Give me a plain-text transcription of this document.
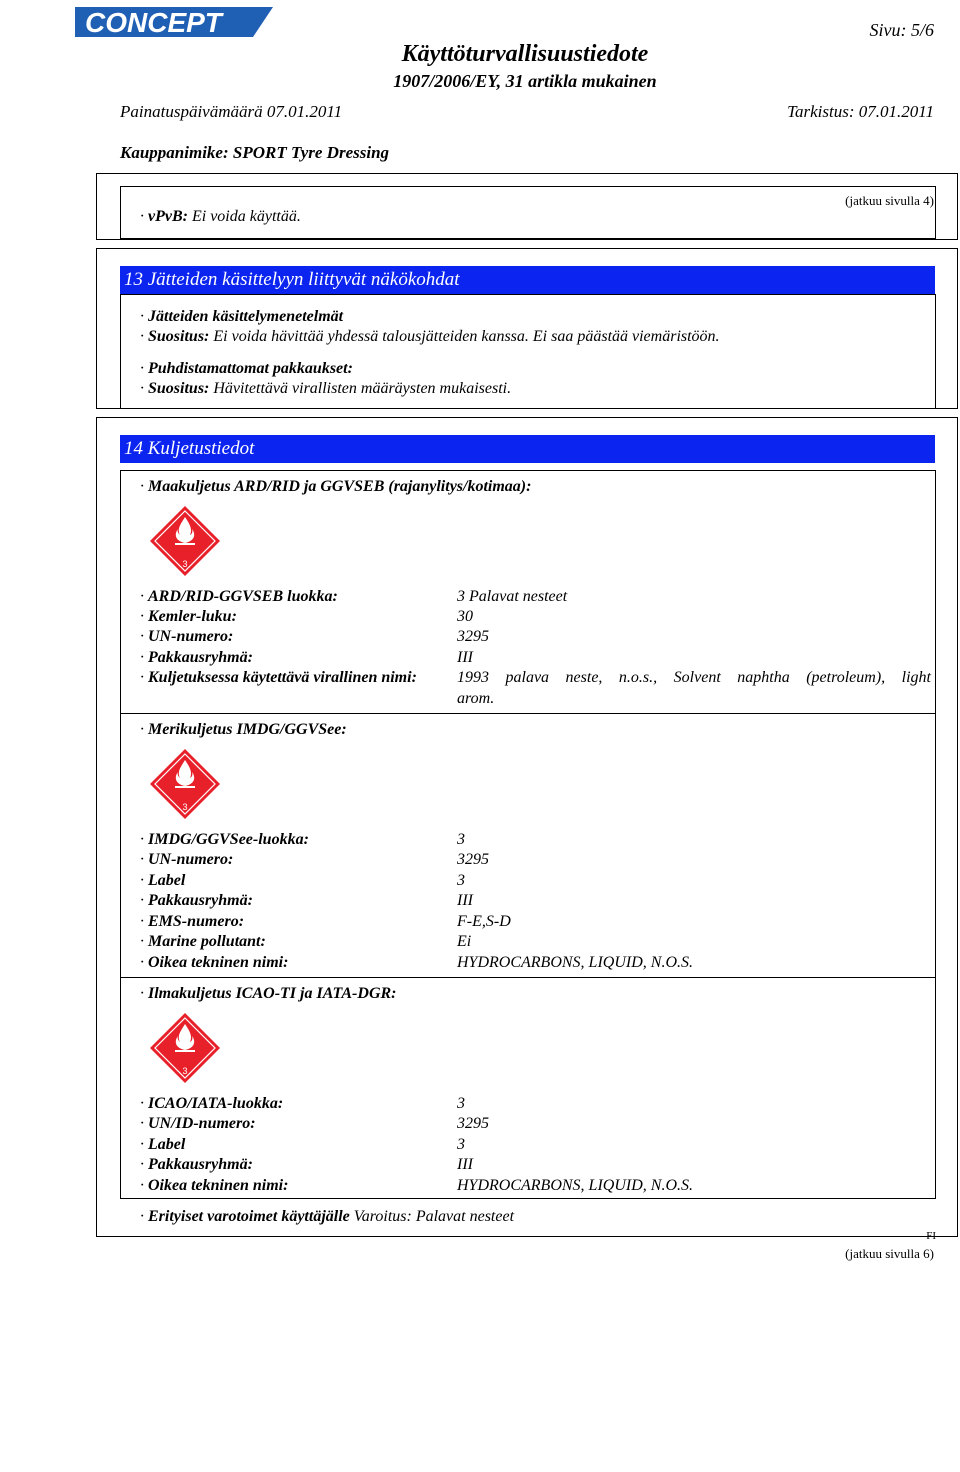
CONCEPT	Sivu: 5/6
Käyttöturvallisuustiedote
1907/2006/EY, 31 artikla mukainen
Painatuspäivämäärä 07.01.2011	Tarkistus: 07.01.2011
Kauppanimike: SPORT Tyre Dressing
(jatkuu sivulla 4)
· vPvB: Ei voida käyttää.
13 Jätteiden käsittelyyn liittyvät näkökohdat
· Jätteiden käsittelymenetelmät
· Suositus: Ei voida hävittää yhdessä talousjätteiden kanssa. Ei saa päästää viemäristöön.
· Puhdistamattomat pakkaukset:
· Suositus: Hävitettävä virallisten määräysten mukaisesti.
14 Kuljetustiedot
· Maakuljetus ARD/RID ja GGVSEB (rajanylitys/kotimaa):
3
· ARD/RID-GGVSEB luokka:	3 Palavat nesteet
· Kemler-luku:	30
· UN-numero:	3295
· Pakkausryhmä:	III
· Kuljetuksessa käytettävä virallinen nimi:	1993 palava neste, n.o.s., Solvent naphtha (petroleum), light
arom.
· Merikuljetus IMDG/GGVSee:
3
· IMDG/GGVSee-luokka:	3
· UN-numero:	3295
· Label	3
· Pakkausryhmä:	III
· EMS-numero:	F-E,S-D
· Marine pollutant:	Ei
· Oikea tekninen nimi:	HYDROCARBONS, LIQUID, N.O.S.
· Ilmakuljetus ICAO-TI ja IATA-DGR:
3
· ICAO/IATA-luokka:	3
· UN/ID-numero:	3295
· Label	3
· Pakkausryhmä:	III
· Oikea tekninen nimi:	HYDROCARBONS, LIQUID, N.O.S.
· Erityiset varotoimet käyttäjälle Varoitus: Palavat nesteet
FI
(jatkuu sivulla 6)
